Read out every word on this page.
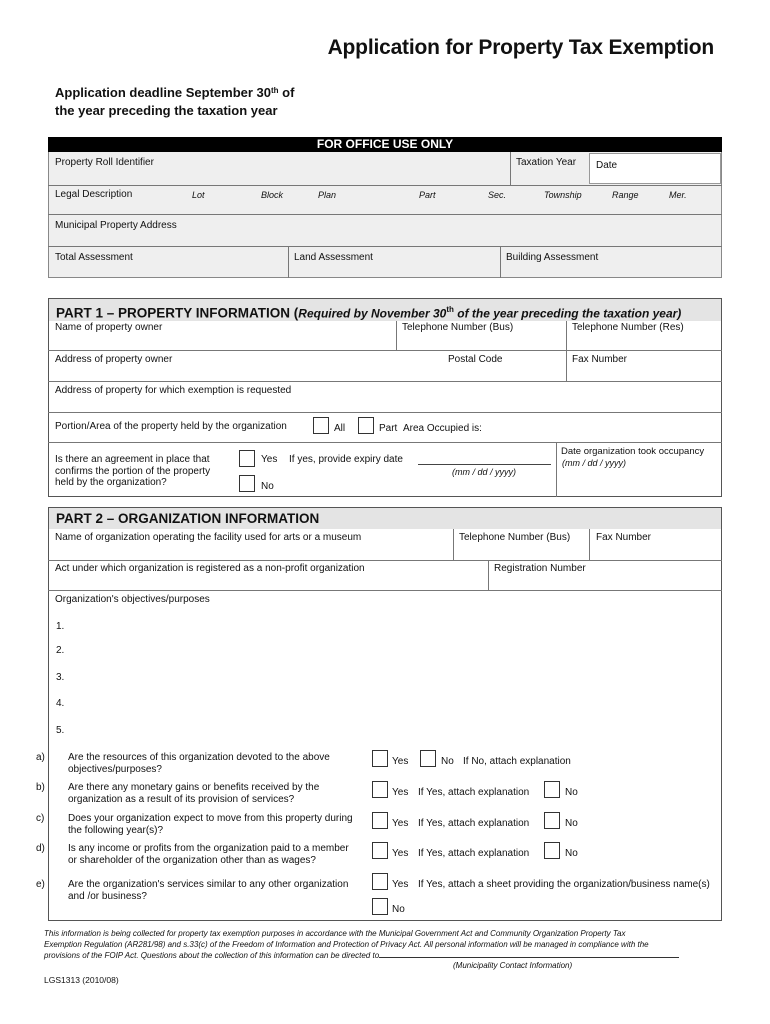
Application for Property Tax Exemption
Application deadline September 30th of
the year preceding the taxation year
FOR OFFICE USE ONLY
Property Roll Identifier	Taxation Year Date
Legal Description	Lot	Block	Plan	Part	Sec.	Township	Range	Mer.
Municipal Property Address
Total Assessment	Land Assessment	Building Assessment
PART 1 – PROPERTY INFORMATION (Required by November 30th of the year preceding the taxation year)
Name of property owner	Telephone Number (Bus)	Telephone Number (Res)
Address of property owner	Postal Code	Fax Number
Address of property for which exemption is requested
Portion/Area of the property held by the organization	All	Part Area Occupied is:
Is there an agreement in place that
confirms the portion of the property
held by the organization?
Yes If yes, provide expiry date
No
(mm / dd / yyyy)
Date organization took occupancy
(mm / dd / yyyy)
PART 2 – ORGANIZATION INFORMATION
Name of organization operating the facility used for arts or a museum	Telephone Number (Bus)	Fax Number
Act under which organization is registered as a non-profit organization	Registration Number
Organization's objectives/purposes
1.
2.
3.
4.
5.
a) Are the resources of this organization devoted to the above
objectives/purposes?
Yes	No If No, attach explanation
b) Are there any monetary gains or benefits received by the
organization as a result of its provision of services?
Yes If Yes, attach explanation	No
c) Does your organization expect to move from this property during
the following year(s)?
Yes If Yes, attach explanation	No
d) Is any income or profits from the organization paid to a member
or shareholder of the organization other than as wages?
Yes If Yes, attach explanation	No
e) Are the organization's services similar to any other organization
and /or business?
Yes If Yes, attach a sheet providing the organization/business name(s)
No
This information is being collected for property tax exemption purposes in accordance with the Municipal Government Act and Community Organization Property Tax
Exemption Regulation (AR281/98) and s.33(c) of the Freedom of Information and Protection of Privacy Act. All personal information will be managed in compliance with the
provisions of the FOIP Act. Questions about the collection of this information can be directed to
(Municipality Contact Information)
LGS1313 (2010/08)
